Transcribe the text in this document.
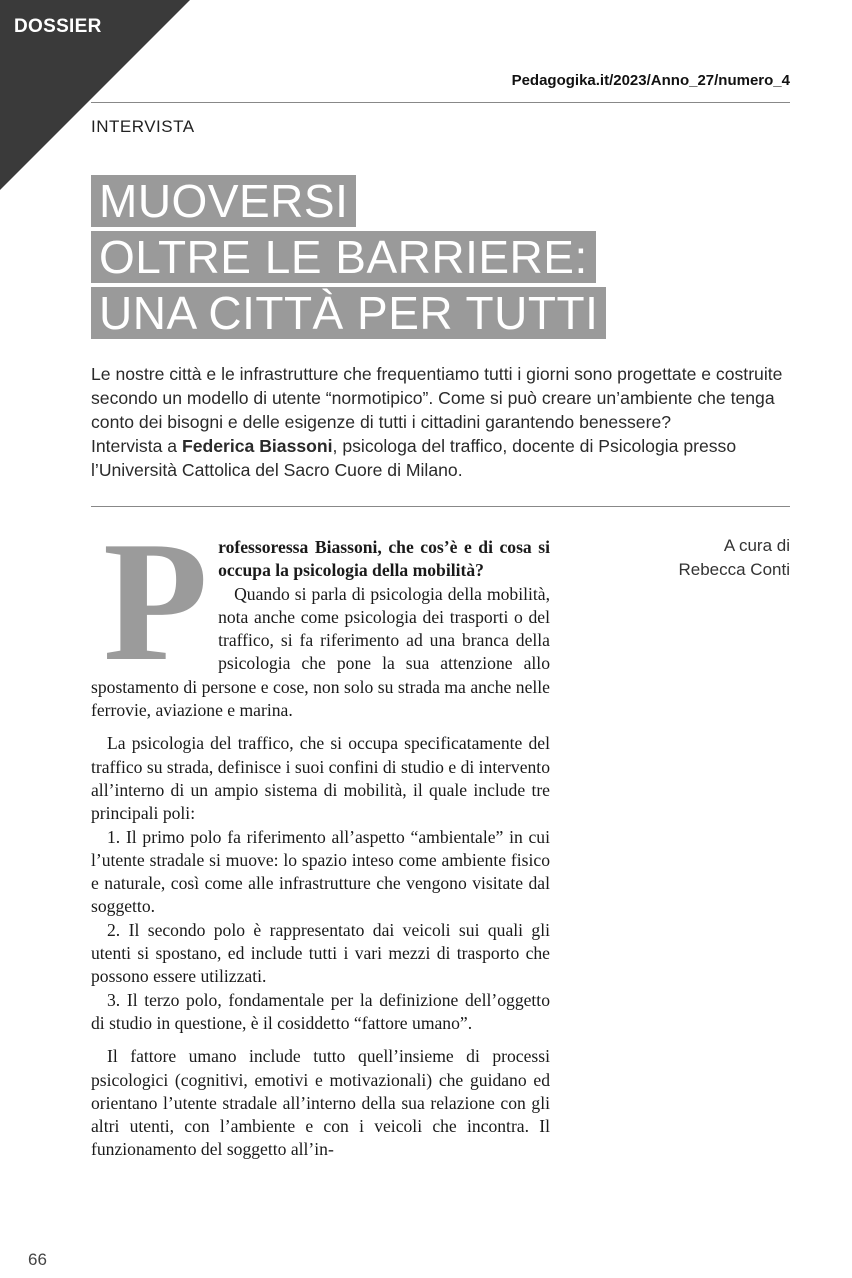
DOSSIER
Pedagogika.it/2023/Anno_27/numero_4
INTERVISTA
MUOVERSI
OLTRE LE BARRIERE:
UNA CITTÀ PER TUTTI
Le nostre città e le infrastrutture che frequentiamo tutti i giorni sono progettate e costruite secondo un modello di utente “normotipico”. Come si può creare un’ambiente che tenga conto dei bisogni e delle esigenze di tutti i cittadini garantendo benessere?
Intervista a Federica Biassoni, psicologa del traffico, docente di Psicologia presso l’Università Cattolica del Sacro Cuore di Milano.
A cura di
Rebecca Conti
P rofessoressa Biassoni, che cos’è e di cosa si occupa la psicologia della mobilità?

Quando si parla di psicologia della mobilità, nota anche come psicologia dei trasporti o del traffico, si fa riferimento ad una branca della psicologia che pone la sua attenzione allo spostamento di persone e cose, non solo su strada ma anche nelle ferrovie, aviazione e marina.

La psicologia del traffico, che si occupa specificatamente del traffico su strada, definisce i suoi confini di studio e di intervento all’interno di un ampio sistema di mobilità, il quale include tre principali poli:

1. Il primo polo fa riferimento all’aspetto “ambientale” in cui l’utente stradale si muove: lo spazio inteso come ambiente fisico e naturale, così come alle infrastrutture che vengono visitate dal soggetto.

2. Il secondo polo è rappresentato dai veicoli sui quali gli utenti si spostano, ed include tutti i vari mezzi di trasporto che possono essere utilizzati.

3. Il terzo polo, fondamentale per la definizione dell’oggetto di studio in questione, è il cosiddetto “fattore umano”.

Il fattore umano include tutto quell’insieme di processi psicologici (cognitivi, emotivi e motivazionali) che guidano ed orientano l’utente stradale all’interno della sua relazione con gli altri utenti, con l’ambiente e con i veicoli che incontra. Il funzionamento del soggetto all’in-

66
